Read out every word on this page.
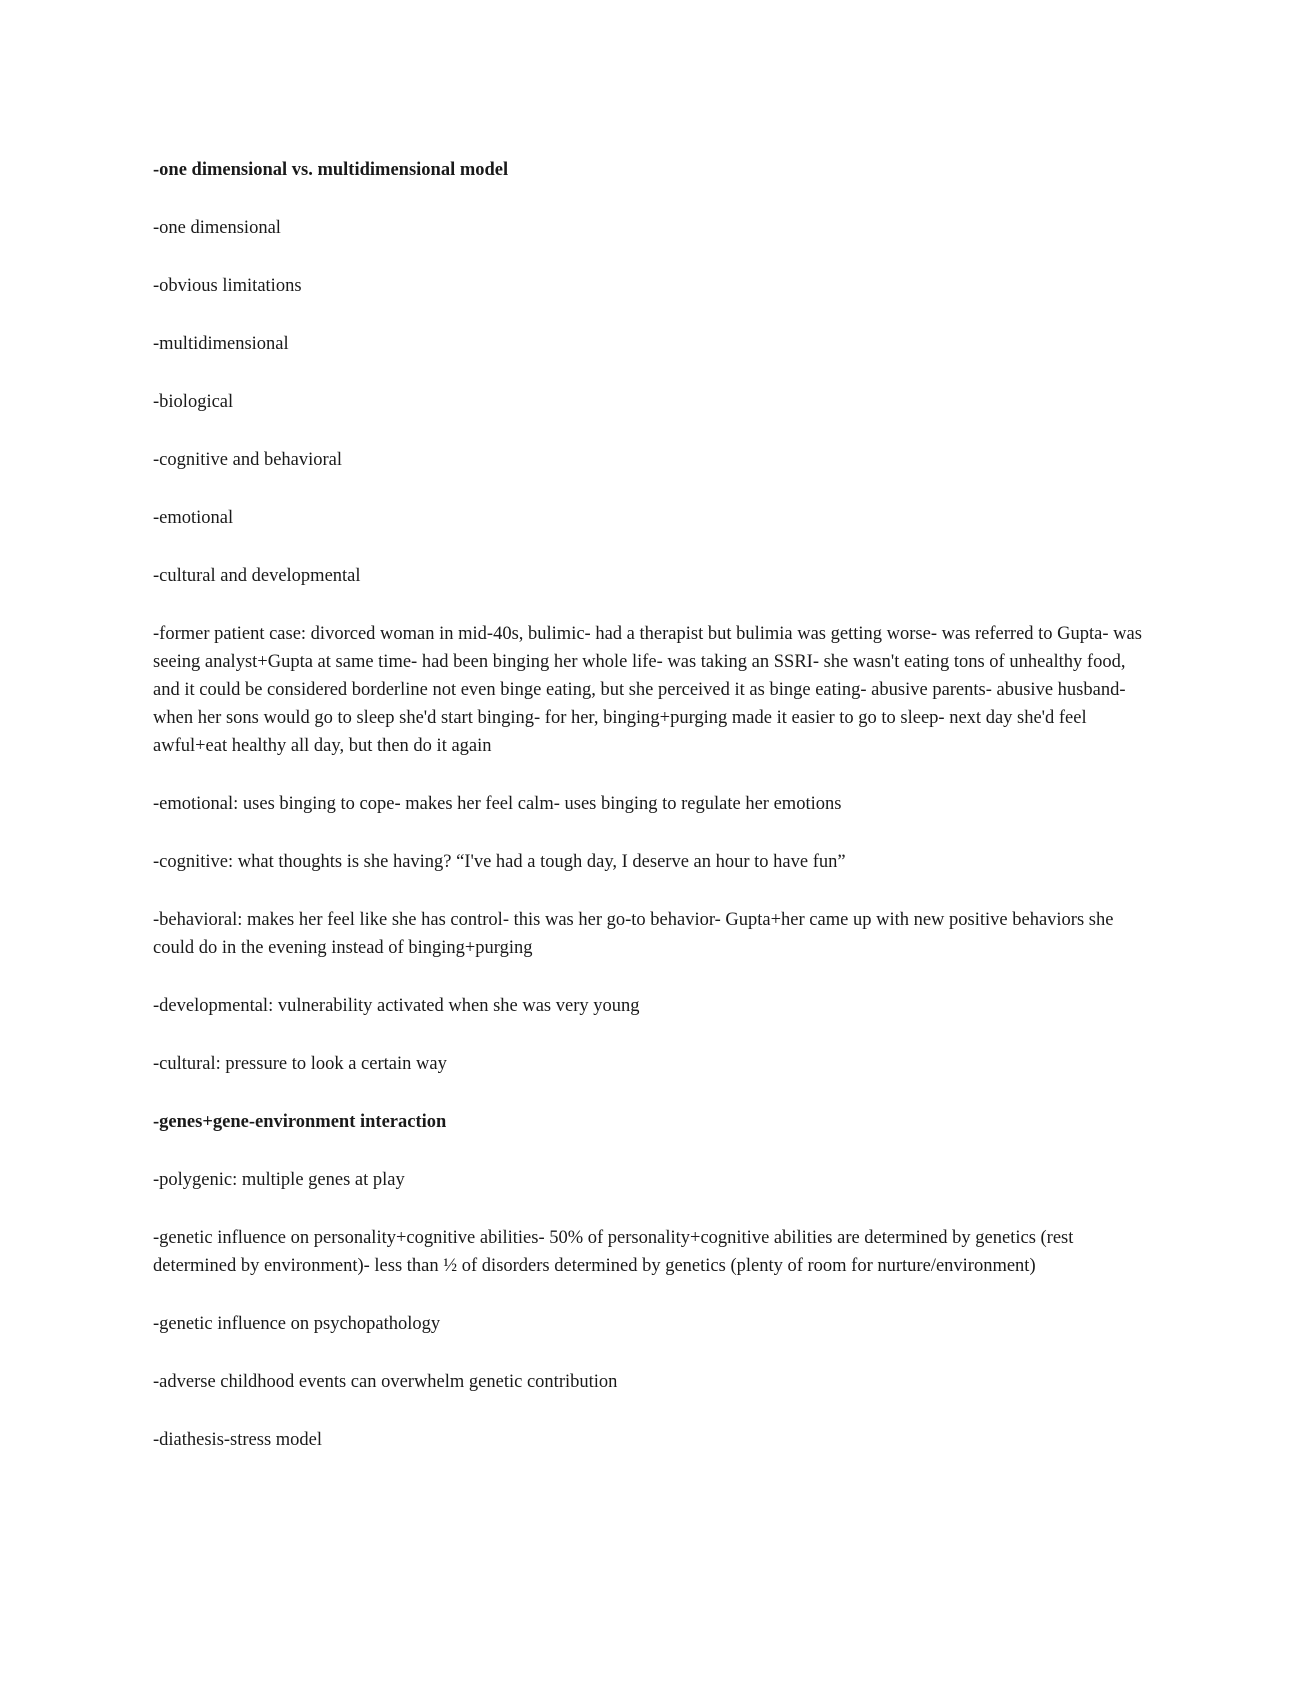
-one dimensional vs. multidimensional model

-one dimensional

-obvious limitations

-multidimensional

-biological

-cognitive and behavioral

-emotional

-cultural and developmental

-former patient case: divorced woman in mid-40s, bulimic- had a therapist but bulimia was getting worse- was referred to Gupta- was seeing analyst+Gupta at same time- had been binging her whole life- was taking an SSRI- she wasn't eating tons of unhealthy food, and it could be considered borderline not even binge eating, but she perceived it as binge eating- abusive parents- abusive husband- when her sons would go to sleep she'd start binging- for her, binging+purging made it easier to go to sleep- next day she'd feel awful+eat healthy all day, but then do it again

-emotional: uses binging to cope- makes her feel calm- uses binging to regulate her emotions

-cognitive: what thoughts is she having? “I've had a tough day, I deserve an hour to have fun”

-behavioral: makes her feel like she has control- this was her go-to behavior- Gupta+her came up with new positive behaviors she could do in the evening instead of binging+purging

-developmental: vulnerability activated when she was very young

-cultural: pressure to look a certain way

-genes+gene-environment interaction

-polygenic: multiple genes at play

-genetic influence on personality+cognitive abilities- 50% of personality+cognitive abilities are determined by genetics (rest determined by environment)- less than ½ of disorders determined by genetics (plenty of room for nurture/environment)

-genetic influence on psychopathology

-adverse childhood events can overwhelm genetic contribution

-diathesis-stress model
